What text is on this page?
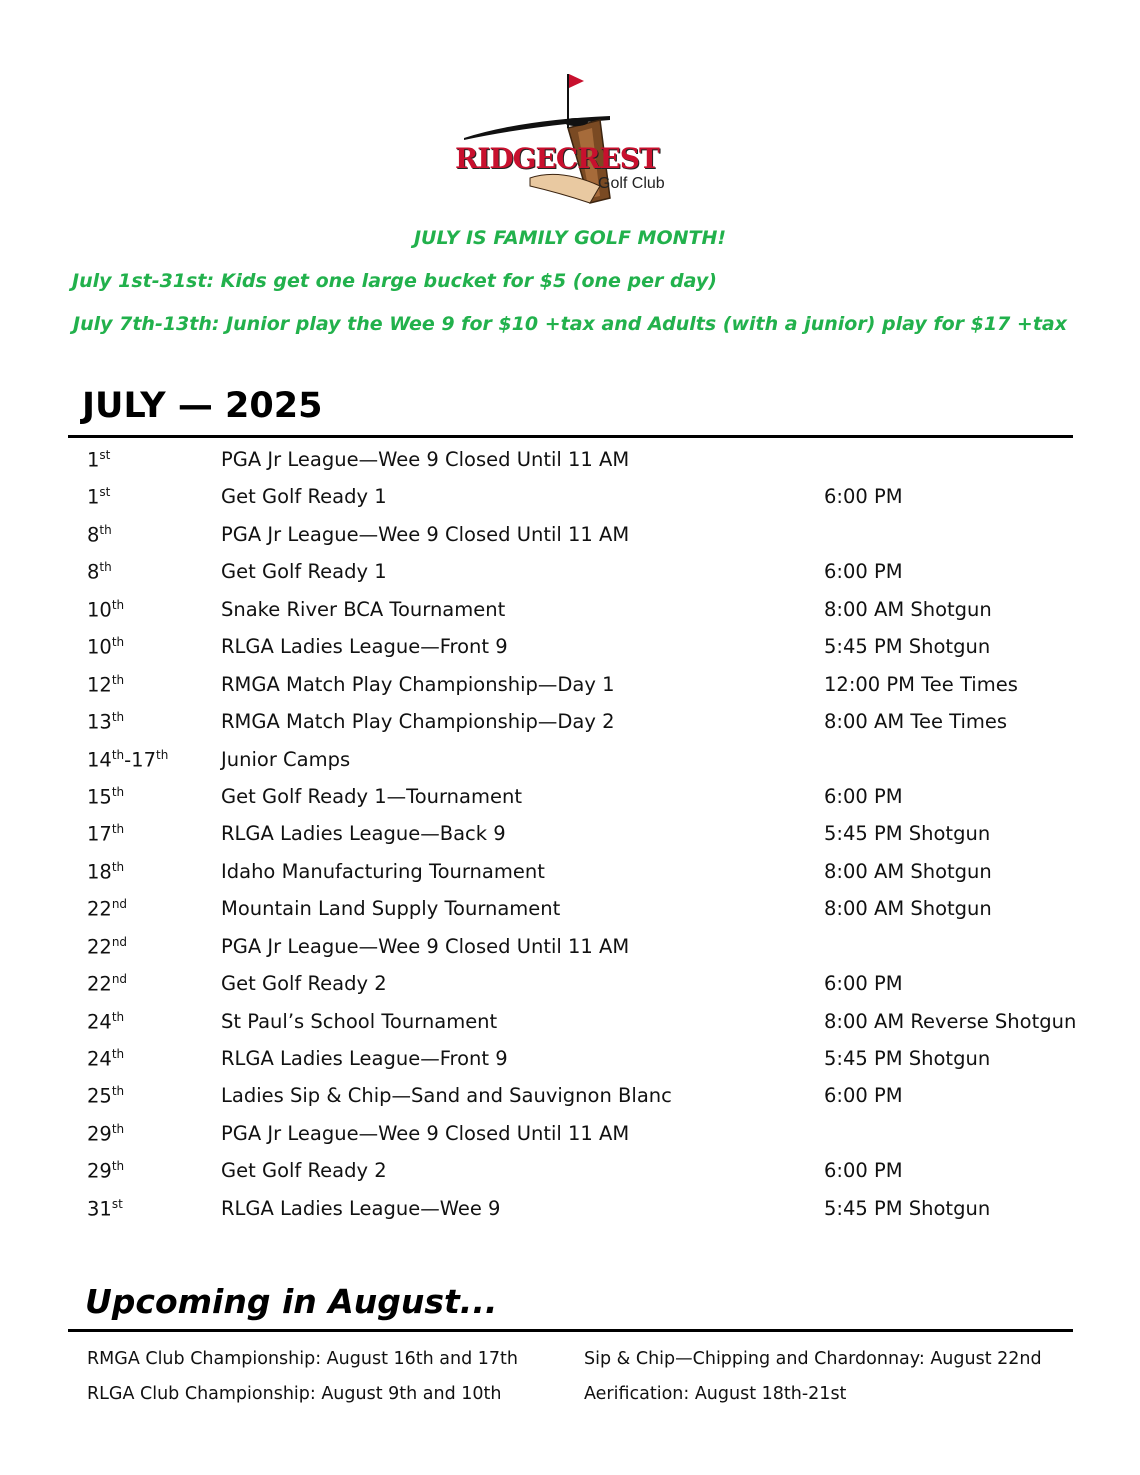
RIDGECREST
Golf Club
JULY IS FAMILY GOLF MONTH!
July 1st-31st: Kids get one large bucket for $5 (one per day)
July 7th-13th: Junior play the Wee 9 for $10 +tax and Adults (with a junior) play for $17 +tax
JULY — 2025
1st	PGA Jr League—Wee 9 Closed Until 11 AM
1st	Get Golf Ready 1	6:00 PM
8th	PGA Jr League—Wee 9 Closed Until 11 AM
8th	Get Golf Ready 1	6:00 PM
10th	Snake River BCA Tournament	8:00 AM Shotgun
10th	RLGA Ladies League—Front 9	5:45 PM Shotgun
12th	RMGA Match Play Championship—Day 1	12:00 PM Tee Times
13th	RMGA Match Play Championship—Day 2	8:00 AM Tee Times
14th-17th	Junior Camps
15th	Get Golf Ready 1—Tournament	6:00 PM
17th	RLGA Ladies League—Back 9	5:45 PM Shotgun
18th	Idaho Manufacturing Tournament	8:00 AM Shotgun
22nd	Mountain Land Supply Tournament	8:00 AM Shotgun
22nd	PGA Jr League—Wee 9 Closed Until 11 AM
22nd	Get Golf Ready 2	6:00 PM
24th	St Paul’s School Tournament	8:00 AM Reverse Shotgun
24th	RLGA Ladies League—Front 9	5:45 PM Shotgun
25th	Ladies Sip & Chip—Sand and Sauvignon Blanc	6:00 PM
29th	PGA Jr League—Wee 9 Closed Until 11 AM
29th	Get Golf Ready 2	6:00 PM
31st	RLGA Ladies League—Wee 9	5:45 PM Shotgun
Upcoming in August...
RMGA Club Championship: August 16th and 17th	Sip & Chip—Chipping and Chardonnay: August 22nd
RLGA Club Championship: August 9th and 10th	Aerification: August 18th-21st
